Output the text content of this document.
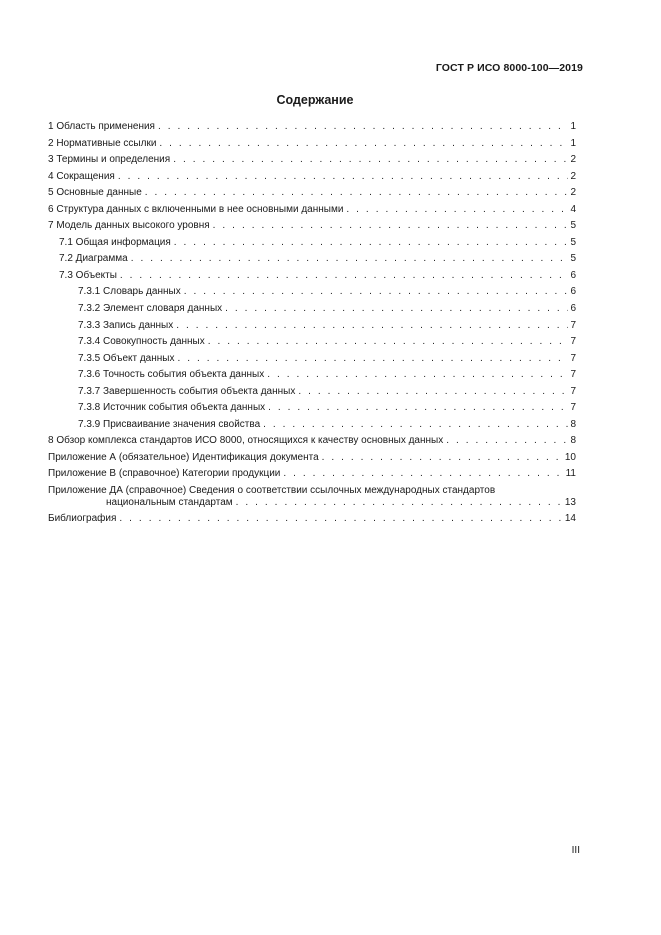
ГОСТ Р ИСО 8000-100—2019
Содержание
1 Область применения . . .	1
2 Нормативные ссылки . . .	1
3 Термины и определения . . .	2
4 Сокращения . . .	2
5 Основные данные . . .	2
6 Структура данных с включенными в нее основными данными . . .	4
7 Модель данных высокого уровня . . .	5
7.1 Общая информация . . .	5
7.2 Диаграмма . . .	5
7.3 Объекты . . .	6
7.3.1 Словарь данных . . .	6
7.3.2 Элемент словаря данных . . .	6
7.3.3 Запись данных . . .	7
7.3.4 Совокупность данных . . .	7
7.3.5 Объект данных . . .	7
7.3.6 Точность события объекта данных . . .	7
7.3.7 Завершенность события объекта данных . . .	7
7.3.8 Источник события объекта данных . . .	7
7.3.9 Присваивание значения свойства . . .	8
8 Обзор комплекса стандартов ИСО 8000, относящихся к качеству основных данных . . .	8
Приложение А (обязательное) Идентификация документа . . .	10
Приложение В (справочное) Категории продукции . . .	11
Приложение ДА (справочное) Сведения о соответствии ссылочных международных стандартов
национальным стандартам . . .	13
Библиография . . .	14
III
